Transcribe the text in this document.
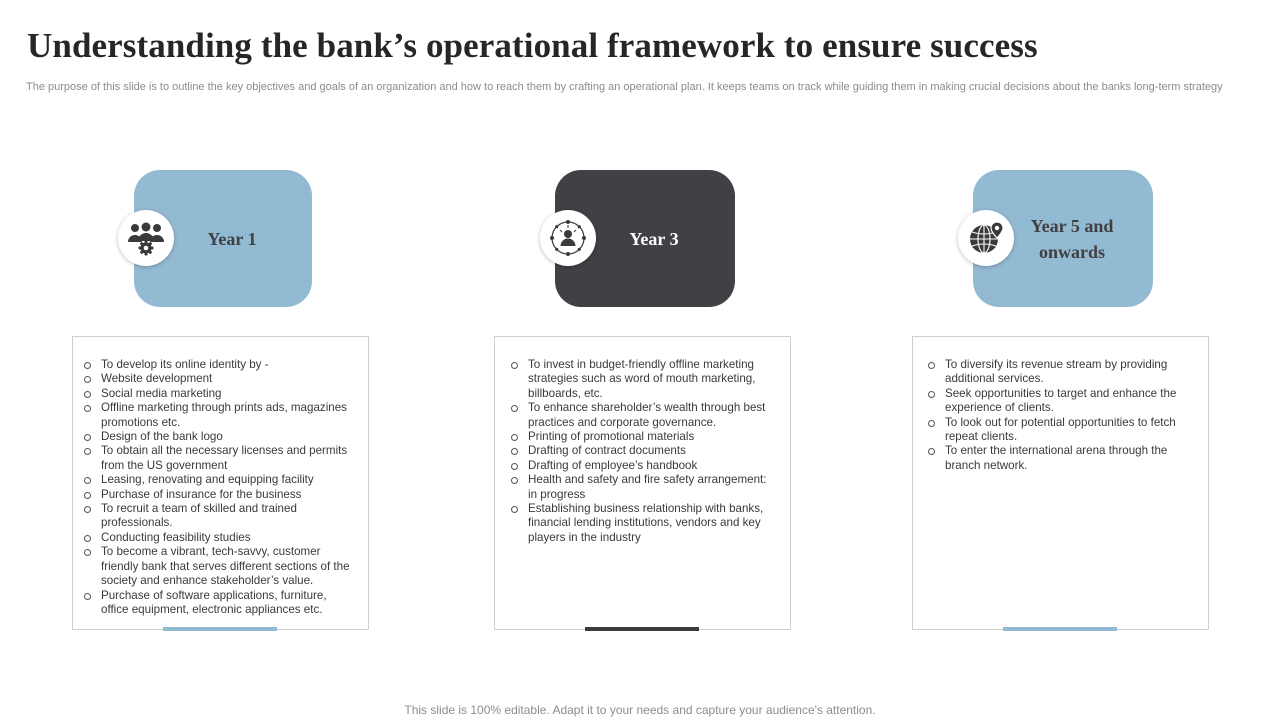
Understanding the bank’s operational framework to ensure success

The purpose of this slide is to outline the key objectives and goals of an organization and how to reach them by crafting an operational plan. It keeps teams on track while guiding them in making crucial decisions about the banks long-term strategy

Year 1
To develop its online identity by -
Website development
Social media marketing
Offline marketing through prints ads, magazines promotions etc.
Design of the bank logo
To obtain all the necessary licenses and permits from the US government
Leasing, renovating and equipping facility
Purchase of insurance for the business
To recruit a team of skilled and trained professionals.
Conducting feasibility studies
To become a vibrant, tech-savvy, customer friendly bank that serves different sections of the society and enhance stakeholder’s value.
Purchase of software applications, furniture, office equipment, electronic appliances etc.
Year 3
To invest in budget-friendly offline marketing strategies such as word of mouth marketing, billboards, etc.
To enhance shareholder’s wealth through best practices and corporate governance.
Printing of promotional materials
Drafting of contract documents
Drafting of employee’s handbook
Health and safety and fire safety arrangement: in progress
Establishing business relationship with banks, financial lending institutions, vendors and key players in the industry
Year 5 and onwards
To diversify its revenue stream by providing additional services.
Seek opportunities to target and enhance the experience of clients.
To look out for potential opportunities to fetch repeat clients.
To enter the international arena through the branch network.
This slide is 100% editable. Adapt it to your needs and capture your audience's attention.
